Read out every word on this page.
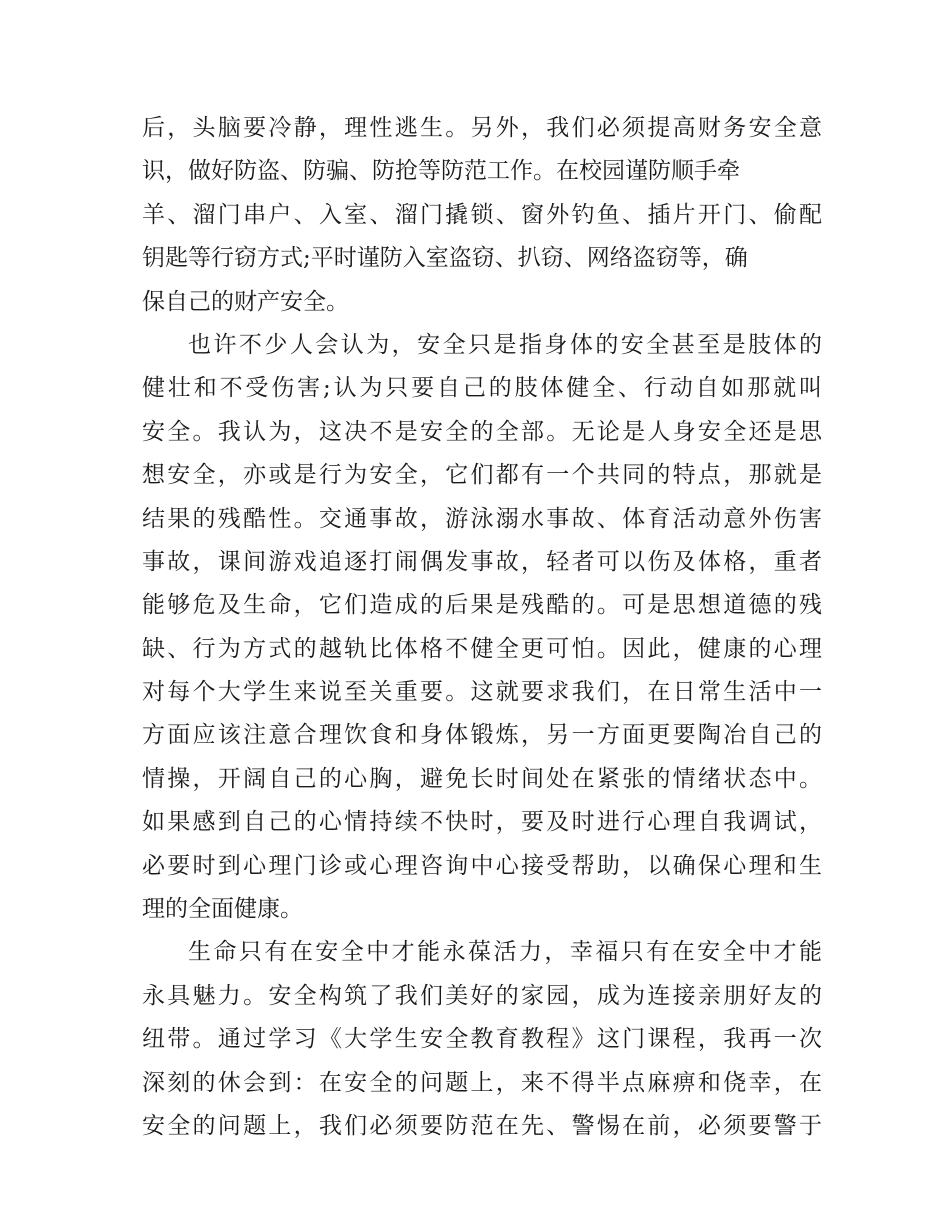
后，头脑要冷静，理性逃生。另外，我们必须提高财务安全意
识，做好防盗、防骗、防抢等防范工作。在校园谨防顺手牵
羊、溜门串户、入室、溜门撬锁、窗外钓鱼、插片开门、偷配
钥匙等行窃方式;平时谨防入室盗窃、扒窃、网络盗窃等，确
保自己的财产安全。
也许不少人会认为，安全只是指身体的安全甚至是肢体的
健壮和不受伤害;认为只要自己的肢体健全、行动自如那就叫
安全。我认为，这决不是安全的全部。无论是人身安全还是思
想安全，亦或是行为安全，它们都有一个共同的特点，那就是
结果的残酷性。交通事故，游泳溺水事故、体育活动意外伤害
事故，课间游戏追逐打闹偶发事故，轻者可以伤及体格，重者
能够危及生命，它们造成的后果是残酷的。可是思想道德的残
缺、行为方式的越轨比体格不健全更可怕。因此，健康的心理
对每个大学生来说至关重要。这就要求我们，在日常生活中一
方面应该注意合理饮食和身体锻炼，另一方面更要陶冶自己的
情操，开阔自己的心胸，避免长时间处在紧张的情绪状态中。
如果感到自己的心情持续不快时，要及时进行心理自我调试，
必要时到心理门诊或心理咨询中心接受帮助，以确保心理和生
理的全面健康。
生命只有在安全中才能永葆活力，幸福只有在安全中才能
永具魅力。安全构筑了我们美好的家园，成为连接亲朋好友的
纽带。通过学习《大学生安全教育教程》这门课程，我再一次
深刻的休会到：在安全的问题上，来不得半点麻痹和侥幸，在
安全的问题上，我们必须要防范在先、警惕在前，必须要警于
